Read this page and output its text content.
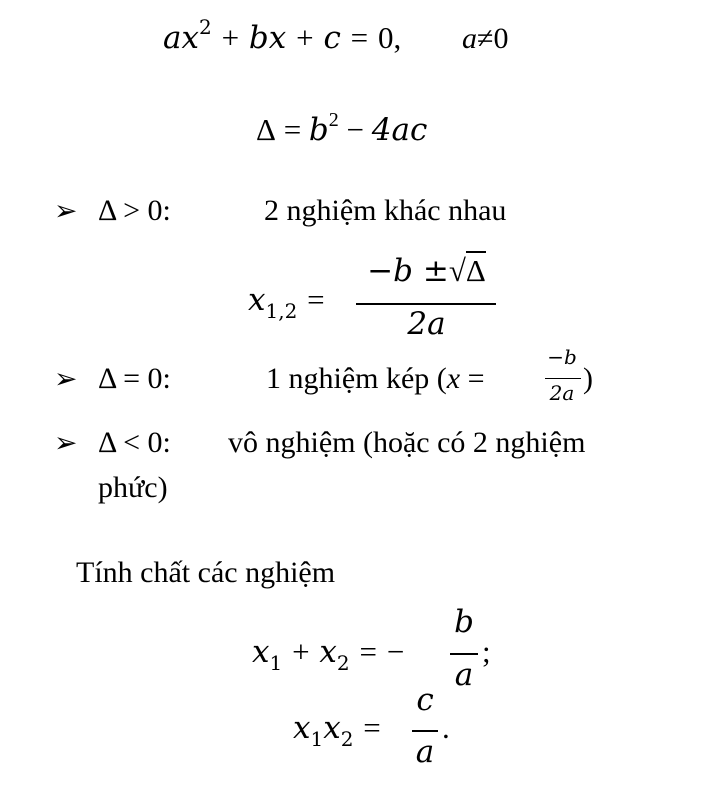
$ax^2$ + bx + c = 0, a≠0
$\Delta = b^2 - 4ac$
➢ Δ > 0:	2 nghiệm khác nhau
$x_{1,2}$ =
−b ±√Δ
2a
➢ Δ = 0:	1 nghiệm kép (x =
−b
2a )
➢ Δ < 0: vô nghiệm (hoặc có 2 nghiệm
phức)
Tính chất các nghiệm
$x_1 + x_2$ = −
b
a
;
$x_1x_2$ =
c
a
.
